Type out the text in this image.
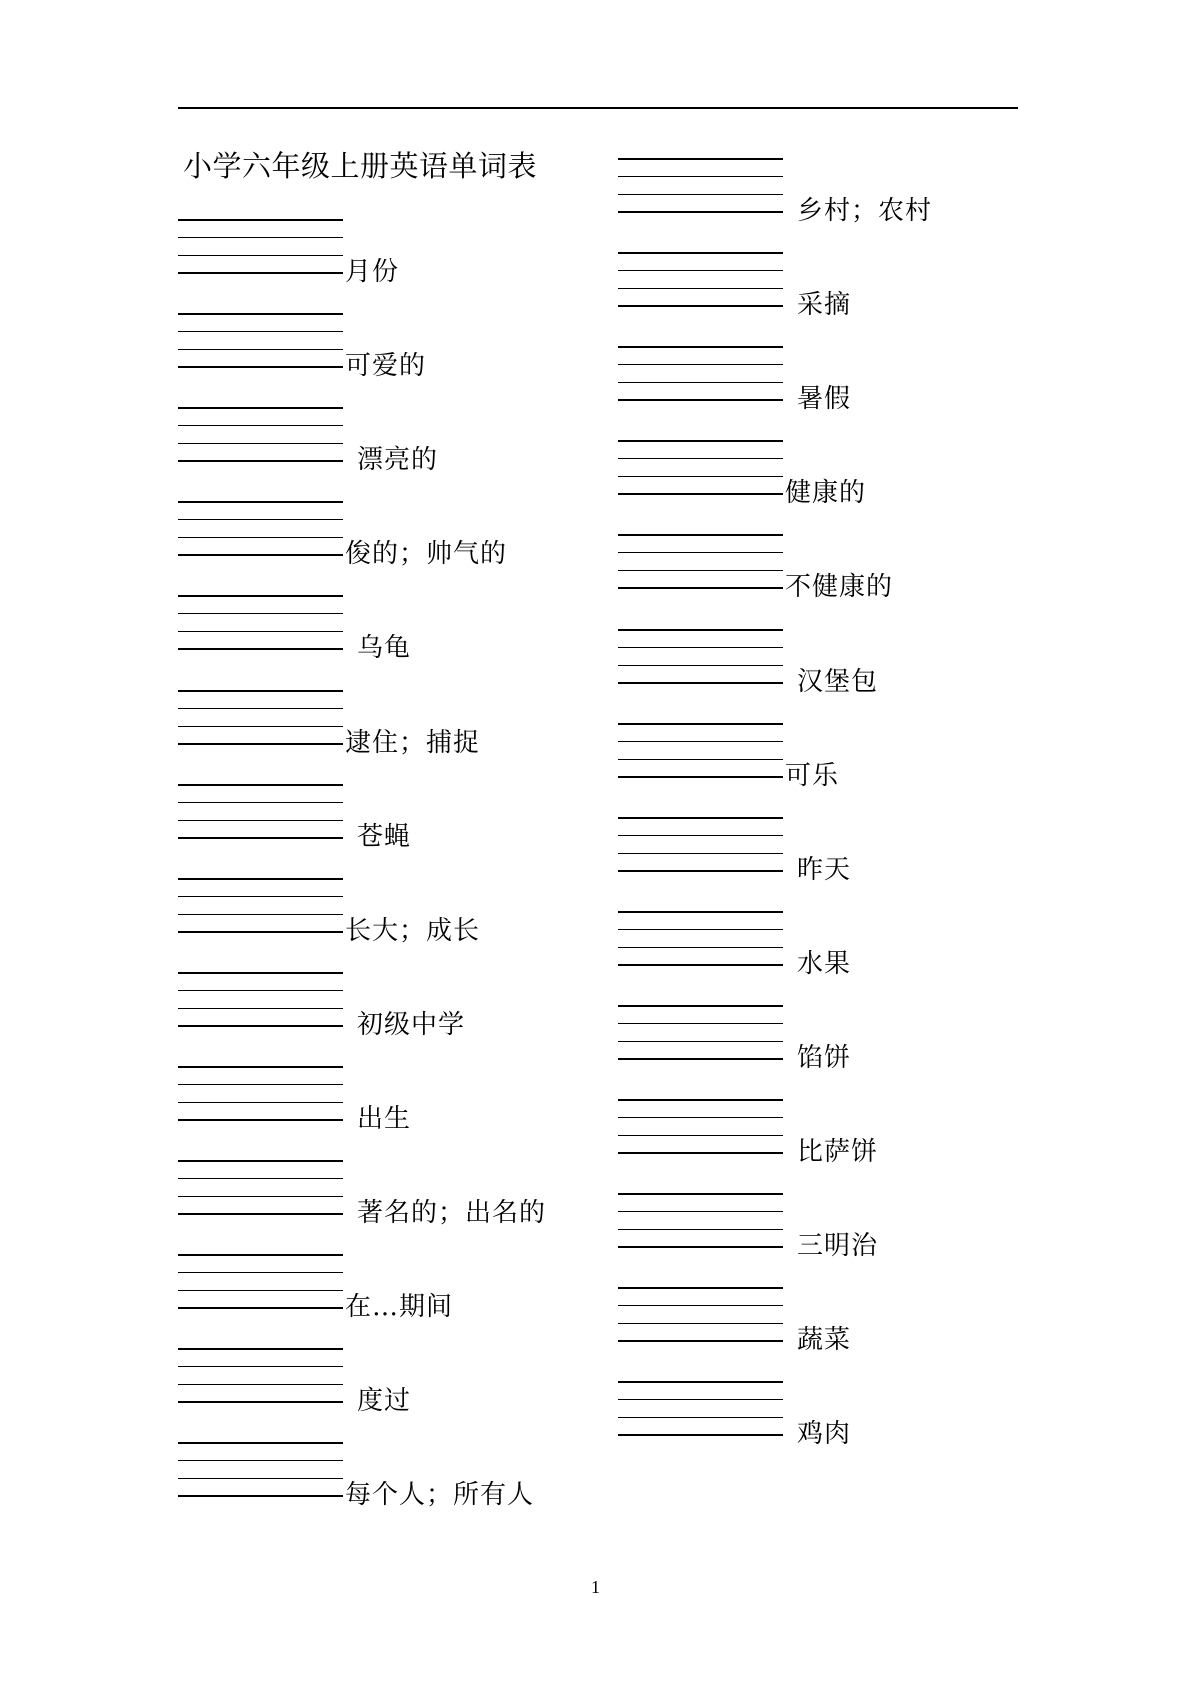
小学六年级上册英语单词表
月份
可爱的
漂亮的
俊的；帅气的
乌龟
逮住；捕捉
苍蝇
长大；成长
初级中学
出生
著名的；出名的
在…期间
度过
每个人；所有人
乡村；农村
采摘
暑假
健康的
不健康的
汉堡包
可乐
昨天
水果
馅饼
比萨饼
三明治
蔬菜
鸡肉
1
